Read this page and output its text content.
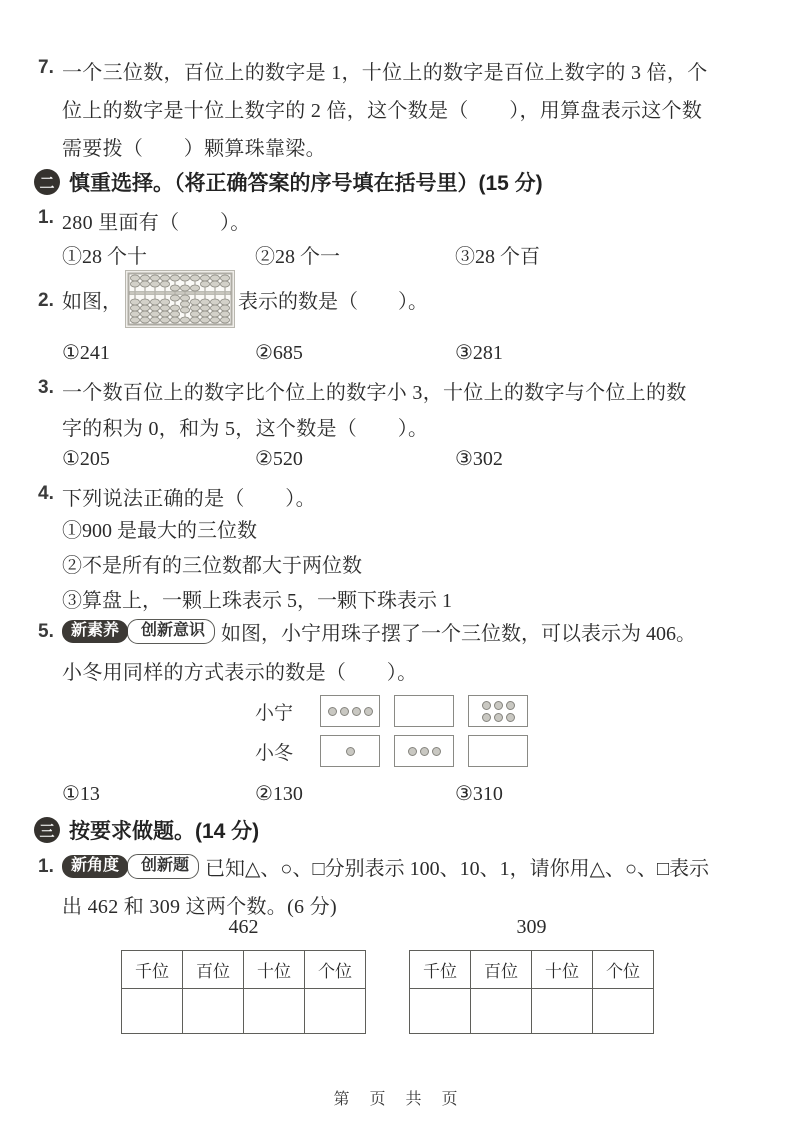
7. 一个三位数，百位上的数字是 1，十位上的数字是百位上数字的 3 倍，个
位上的数字是十位上数字的 2 倍，这个数是（　　），用算盘表示这个数
需要拨（　　）颗算珠靠梁。
二 慎重选择。（将正确答案的序号填在括号里）(15 分)
1. 280 里面有（　　）。
①28 个十	②28 个一	③28 个百
2. 如图，	表示的数是（　　）。
①241	②685	③281
3. 一个数百位上的数字比个位上的数字小 3，十位上的数字与个位上的数
字的积为 0，和为 5，这个数是（　　）。
①205	②520	③302
4. 下列说法正确的是（　　）。
①900 是最大的三位数
②不是所有的三位数都大于两位数
③算盘上，一颗上珠表示 5，一颗下珠表示 1
5.	新素养	创新意识 如图，小宁用珠子摆了一个三位数，可以表示为 406。
小冬用同样的方式表示的数是（　　）。
小宁
小冬
①13	②130	③310
三 按要求做题。(14 分)
1.	新角度	创新题 已知△、○、□分别表示 100、10、1，请你用△、○、□表示
出 462 和 309 这两个数。(6 分)
462
千位	百位	十位	个位

309
千位	百位	十位	个位

第　页　共　页
